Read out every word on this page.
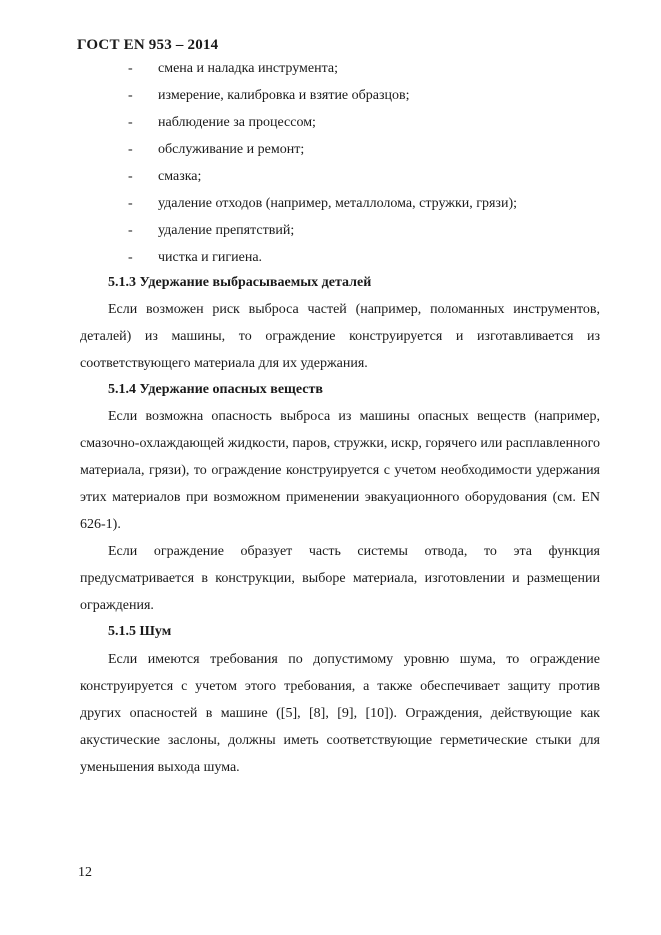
ГОСТ EN 953 – 2014
- смена и наладка инструмента;
- измерение, калибровка и взятие образцов;
- наблюдение за процессом;
- обслуживание и ремонт;
- смазка;
- удаление отходов (например, металлолома, стружки, грязи);
- удаление препятствий;
- чистка и гигиена.
5.1.3 Удержание выбрасываемых деталей

Если возможен риск выброса частей (например, поломанных инструментов, деталей) из машины, то ограждение конструируется и изготавливается из соответствующего материала для их удержания.

5.1.4 Удержание опасных веществ

Если возможна опасность выброса из машины опасных веществ (например, смазочно-охлаждающей жидкости, паров, стружки, искр, горячего или расплавленного материала, грязи), то ограждение конструируется с учетом необходимости удержания этих материалов при возможном применении эвакуационного оборудования (см. EN 626-1).

Если ограждение образует часть системы отвода, то эта функция предусматривается в конструкции, выборе материала, изготовлении и размещении ограждения.

5.1.5 Шум

Если имеются требования по допустимому уровню шума, то ограждение конструируется с учетом этого требования, а также обеспечивает защиту против других опасностей в машине ([5], [8], [9], [10]). Ограждения, действующие как акустические заслоны, должны иметь соответствующие герметические стыки для уменьшения выхода шума.

12
